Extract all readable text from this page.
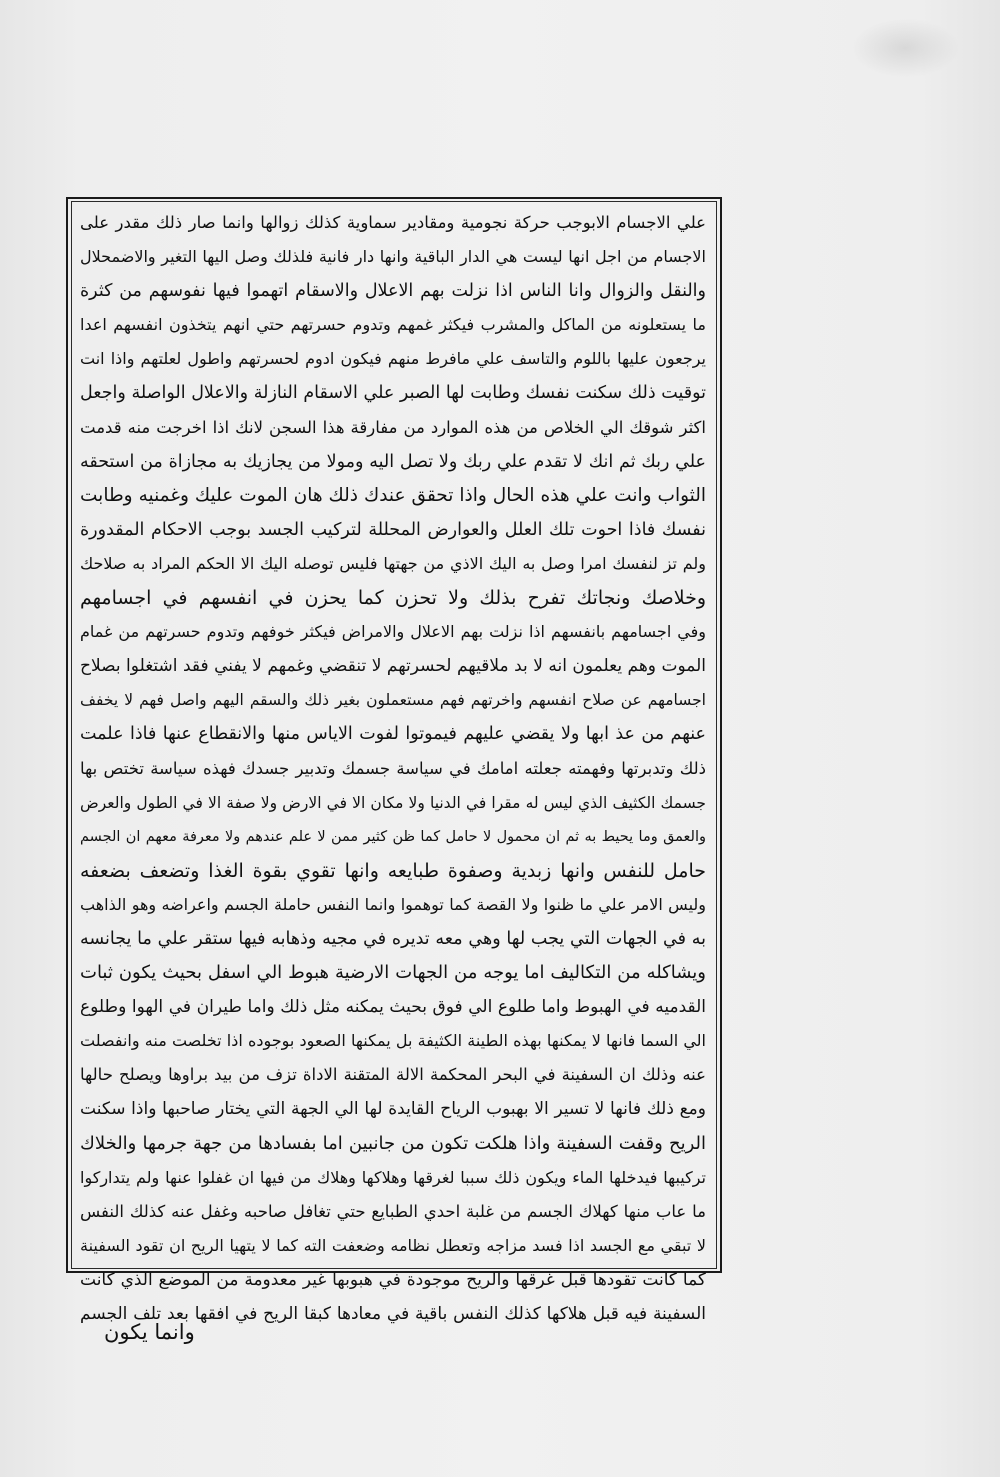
علي الاجسام الابوجب حركة نجومية ومقادير سماوية كذلك زوالها وانما صار ذلك مقدر على
الاجسام من اجل انها ليست هي الدار الباقية وانها دار فانية فلذلك وصل اليها التغير والاضمحلال
والنقل والزوال وانا الناس اذا نزلت بهم الاعلال والاسقام اتهموا فيها نفوسهم من كثرة
ما يستعلونه من الماكل والمشرب فيكثر غمهم وتدوم حسرتهم حتي انهم يتخذون انفسهم اعدا
يرجعون عليها باللوم والتاسف علي مافرط منهم فيكون ادوم لحسرتهم واطول لعلتهم واذا انت
توقيت ذلك سكنت نفسك وطابت لها الصبر علي الاسقام النازلة والاعلال الواصلة واجعل
اكثر شوقك الي الخلاص من هذه الموارد من مفارقة هذا السجن لانك اذا اخرجت منه قدمت
علي ربك ثم انك لا تقدم علي ربك ولا تصل اليه ومولا من يجازيك به مجازاة من استحقه
الثواب وانت علي هذه الحال واذا تحقق عندك ذلك هان الموت عليك وغمنيه وطابت
نفسك فاذا احوت تلك العلل والعوارض المحللة لتركيب الجسد بوجب الاحكام المقدورة
ولم تز لنفسك امرا وصل به اليك الاذي من جهتها فليس توصله اليك الا الحكم المراد به صلاحك
وخلاصك ونجاتك تفرح بذلك ولا تحزن كما يحزن في انفسهم في اجسامهم
وفي اجسامهم بانفسهم اذا نزلت بهم الاعلال والامراض فيكثر خوفهم وتدوم حسرتهم من غمام
الموت وهم يعلمون انه لا بد ملاقيهم لحسرتهم لا تنقضي وغمهم لا يفني فقد اشتغلوا بصلاح
اجسامهم عن صلاح انفسهم واخرتهم فهم مستعملون بغير ذلك والسقم اليهم واصل فهم لا يخفف
عنهم من عذ ابها ولا يقضي عليهم فيموتوا لفوت الاياس منها والانقطاع عنها فاذا علمت
ذلك وتدبرتها وفهمته جعلته امامك في سياسة جسمك وتدبير جسدك فهذه سياسة تختص بها
جسمك الكثيف الذي ليس له مقرا في الدنيا ولا مكان الا في الارض ولا صفة الا في الطول والعرض
والعمق وما يحيط به ثم ان محمول لا حامل كما ظن كثير ممن لا علم عندهم ولا معرفة معهم ان الجسم
حامل للنفس وانها زبدية وصفوة طبايعه وانها تقوي بقوة الغذا وتضعف بضعفه
وليس الامر علي ما ظنوا ولا القصة كما توهموا وانما النفس حاملة الجسم واعراضه وهو الذاهب
به في الجهات التي يجب لها وهي معه تديره في مجيه وذهابه فيها ستقر علي ما يجانسه
ويشاكله من التكاليف اما يوجه من الجهات الارضية هبوط الي اسفل بحيث يكون ثبات
القدميه في الهبوط واما طلوع الي فوق بحيث يمكنه مثل ذلك واما طيران في الهوا وطلوع
الي السما فانها لا يمكنها بهذه الطينة الكثيفة بل يمكنها الصعود بوجوده اذا تخلصت منه وانفصلت
عنه وذلك ان السفينة في البحر المحكمة الالة المتقنة الاداة تزف من بيد براوها ويصلح حالها
ومع ذلك فانها لا تسير الا بهبوب الرياح القايدة لها الي الجهة التي يختار صاحبها واذا سكنت
الريح وقفت السفينة واذا هلكت تكون من جانبين اما بفسادها من جهة جرمها والخلاك
تركيبها فيدخلها الماء ويكون ذلك سببا لغرقها وهلاكها وهلاك من فيها ان غفلوا عنها ولم يتداركوا
ما عاب منها كهلاك الجسم من غلبة احدي الطبايع حتي تغافل صاحبه وغفل عنه كذلك النفس
لا تبقي مع الجسد اذا فسد مزاجه وتعطل نظامه وضعفت الته كما لا يتهيا الريح ان تقود السفينة
كما كانت تقودها قبل غرقها والريح موجودة في هبوبها غير معدومة من الموضع الذي كانت
السفينة فيه قبل هلاكها كذلك النفس باقية في معادها كبقا الريح في افقها بعد تلف الجسم
وانما يكون
